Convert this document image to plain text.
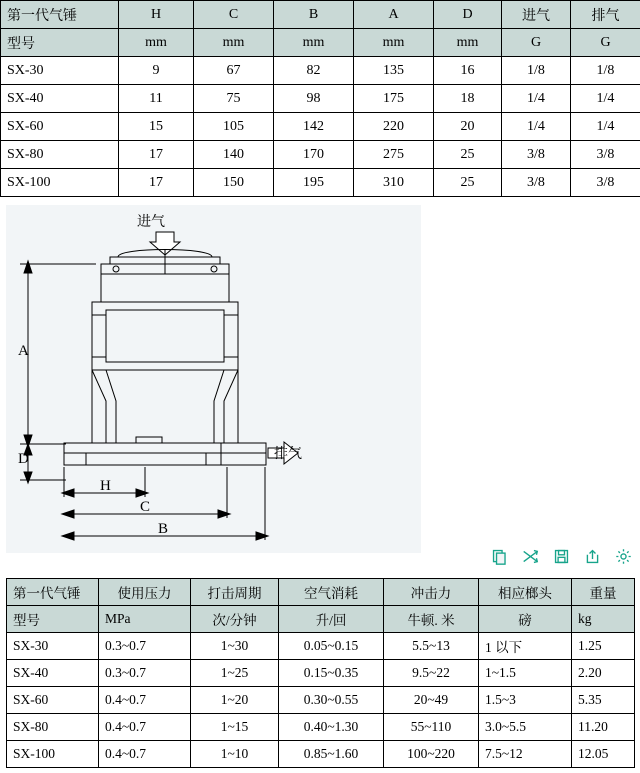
第一代气锤	H	C	B	A	D	进气	排气
型号	mm	mm	mm	mm	mm	G	G
SX-30	9	67	82	135	16	1/8	1/8
SX-40	11	75	98	175	18	1/4	1/4
SX-60	15	105	142	220	20	1/4	1/4
SX-80	17	140	170	275	25	3/8	3/8
SX-100	17	150	195	310	25	3/8	3/8
进气
排气
A
D
H
C
B
第一代气锤	使用压力	打击周期	空气消耗	冲击力	相应榔头	重量
型号	MPa	次/分钟	升/回	牛顿. 米	磅	kg
SX-30	0.3~0.7	1~30	0.05~0.15	5.5~13	1 以下	1.25
SX-40	0.3~0.7	1~25	0.15~0.35	9.5~22	1~1.5	2.20
SX-60	0.4~0.7	1~20	0.30~0.55	20~49	1.5~3	5.35
SX-80	0.4~0.7	1~15	0.40~1.30	55~110	3.0~5.5	11.20
SX-100	0.4~0.7	1~10	0.85~1.60	100~220	7.5~12	12.05
